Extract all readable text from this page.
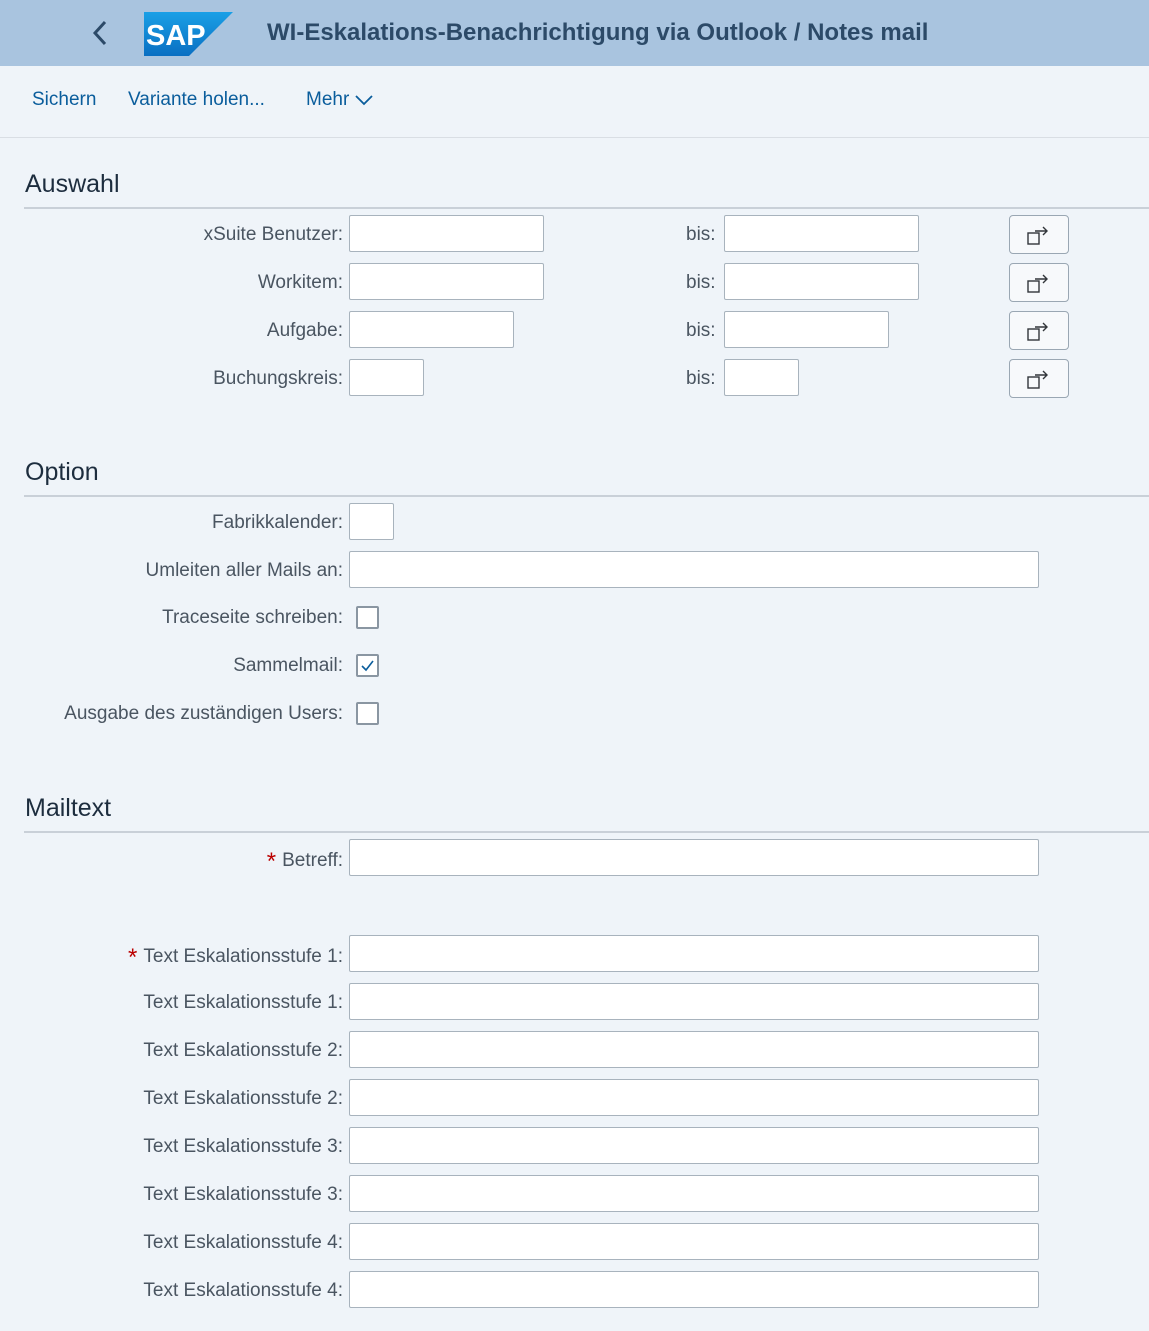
SAP	WI-Eskalations-Benachrichtigung via Outlook / Notes mail
Sichern Variante holen... Mehr
Auswahl
xSuite Benutzer:	bis:
Workitem:	bis:
Aufgabe:	bis:
Buchungskreis:	bis:
Option
Fabrikkalender:
Umleiten aller Mails an:
Traceseite schreiben:
Sammelmail:
Ausgabe des zuständigen Users:
Mailtext
* Betreff:
* Text Eskalationsstufe 1:
Text Eskalationsstufe 1:
Text Eskalationsstufe 2:
Text Eskalationsstufe 2:
Text Eskalationsstufe 3:
Text Eskalationsstufe 3:
Text Eskalationsstufe 4:
Text Eskalationsstufe 4:
